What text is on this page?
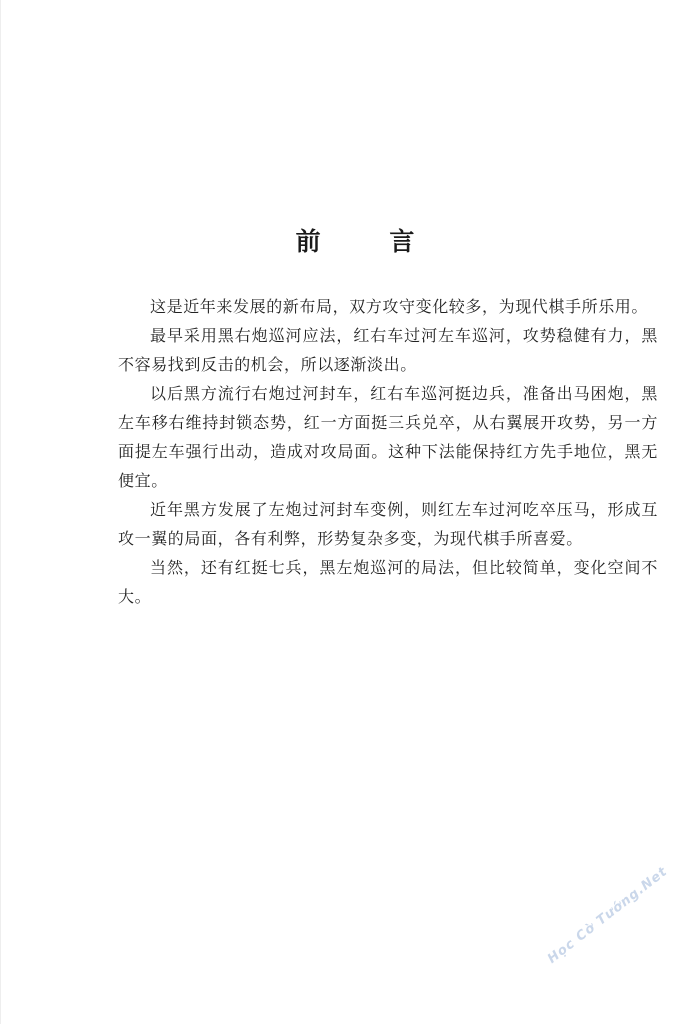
前 言

这是近年来发展的新布局，双方攻守变化较多，为现代棋手所乐用。

最早采用黑右炮巡河应法，红右车过河左车巡河，攻势稳健有力，黑不容易找到反击的机会，所以逐渐淡出。

以后黑方流行右炮过河封车，红右车巡河挺边兵，准备出马困炮，黑左车移右维持封锁态势，红一方面挺三兵兑卒，从右翼展开攻势，另一方面提左车强行出动，造成对攻局面。这种下法能保持红方先手地位，黑无便宜。

近年黑方发展了左炮过河封车变例，则红左车过河吃卒压马，形成互攻一翼的局面，各有利弊，形势复杂多变，为现代棋手所喜爱。

当然，还有红挺七兵，黑左炮巡河的局法，但比较简单，变化空间不大。

Học Cờ Tướng.Net
